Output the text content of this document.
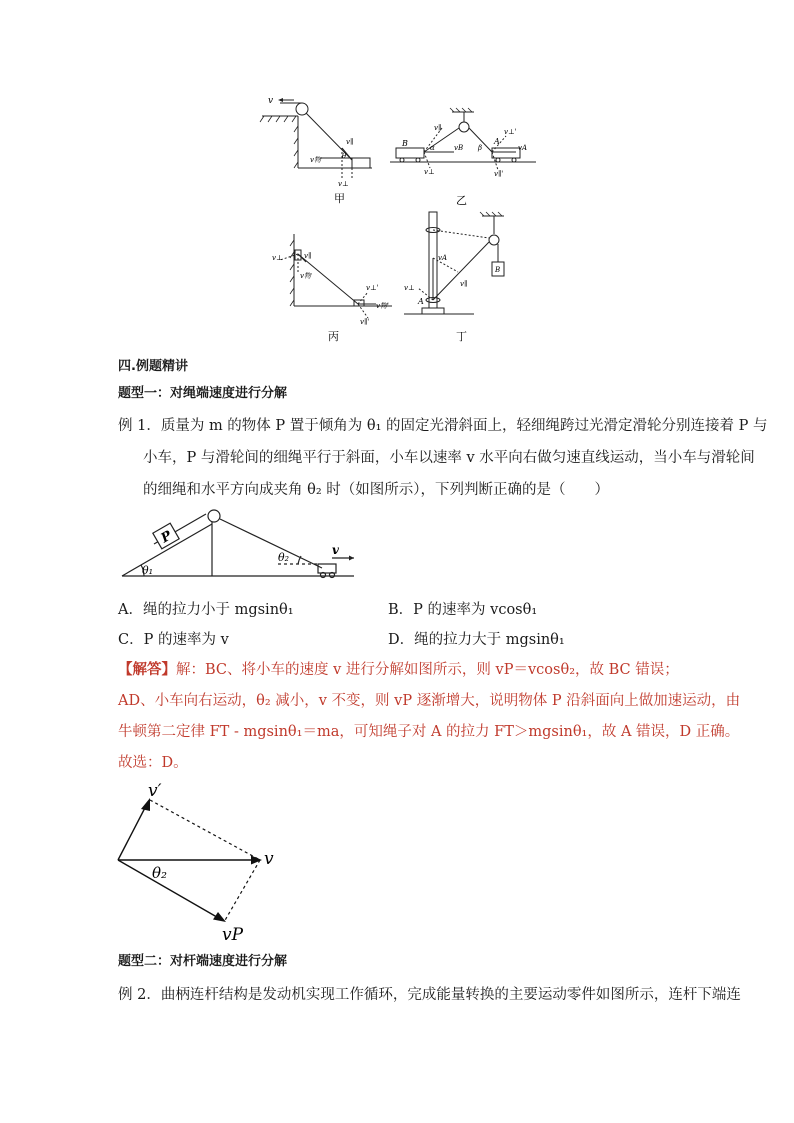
v
v∥
θ
v物
v⊥
甲
B	A
v∥
α	β
vB	vA
v⊥'
v⊥	v∥'
乙
v⊥	v∥
v物
v⊥'
v物'
v∥'
丙
B
A
vA
v⊥	v∥
丁
四.例题精讲
题型一：对绳端速度进行分解
例 1．质量为 m 的物体 P 置于倾角为 θ₁ 的固定光滑斜面上，轻细绳跨过光滑定滑轮分别连接着 P 与
小车，P 与滑轮间的细绳平行于斜面，小车以速率 v 水平向右做匀速直线运动，当小车与滑轮间
的细绳和水平方向成夹角 θ₂ 时（如图所示），下列判断正确的是（　　）
P
θ₁
θ₂
v
A．绳的拉力小于 mgsinθ₁	B．P 的速率为 vcosθ₁
C．P 的速率为 v	D．绳的拉力大于 mgsinθ₁
【解答】解：BC、将小车的速度 v 进行分解如图所示，则 vP＝vcosθ₂，故 BC 错误；
AD、小车向右运动，θ₂ 减小，v 不变，则 vP 逐渐增大，说明物体 P 沿斜面向上做加速运动，由
牛顿第二定律 FT - mgsinθ₁＝ma，可知绳子对 A 的拉力 FT＞mgsinθ₁，故 A 错误，D 正确。
故选：D。
v′
v
θ₂
vP
题型二：对杆端速度进行分解
例 2．曲柄连杆结构是发动机实现工作循环，完成能量转换的主要运动零件如图所示，连杆下端连
